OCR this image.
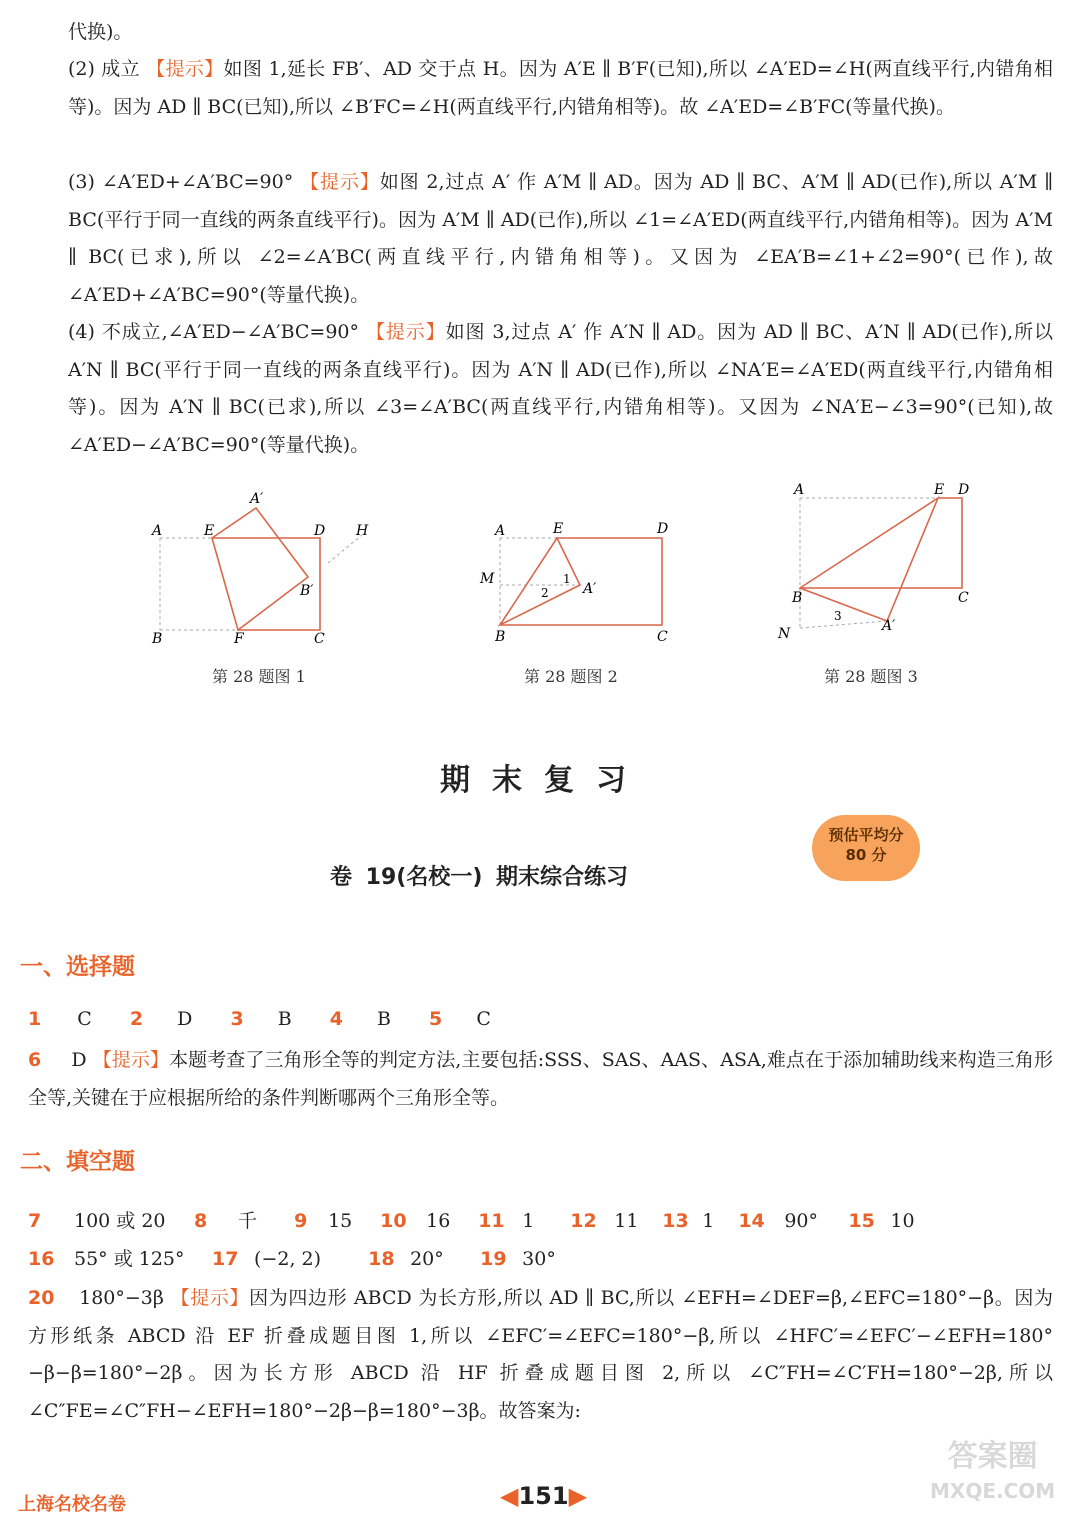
代换)。
(2) 成立 【提示】如图 1,延长 FB′、AD 交于点 H。因为 A′E ∥ B′F(已知),所以 ∠A′ED=∠H(两直线平行,内错角相等)。因为 AD ∥ BC(已知),所以 ∠B′FC=∠H(两直线平行,内错角相等)。故 ∠A′ED=∠B′FC(等量代换)。
(3) ∠A′ED+∠A′BC=90° 【提示】如图 2,过点 A′ 作 A′M ∥ AD。因为 AD ∥ BC、A′M ∥ AD(已作),所以 A′M ∥ BC(平行于同一直线的两条直线平行)。因为 A′M ∥ AD(已作),所以 ∠1=∠A′ED(两直线平行,内错角相等)。因为 A′M ∥ BC(已求),所以 ∠2=∠A′BC(两直线平行,内错角相等)。又因为 ∠EA′B=∠1+∠2=90°(已作),故 ∠A′ED+∠A′BC=90°(等量代换)。
(4) 不成立,∠A′ED−∠A′BC=90° 【提示】如图 3,过点 A′ 作 A′N ∥ AD。因为 AD ∥ BC、A′N ∥ AD(已作),所以 A′N ∥ BC(平行于同一直线的两条直线平行)。因为 A′N ∥ AD(已作),所以 ∠NA′E=∠A′ED(两直线平行,内错角相等)。因为 A′N ∥ BC(已求),所以 ∠3=∠A′BC(两直线平行,内错角相等)。又因为 ∠NA′E−∠3=90°(已知),故 ∠A′ED−∠A′BC=90°(等量代换)。
A	E	D H
A′
B′
B	F	C
第 28 题图 1
A	E	D
M	1
2 A′
B	C
第 28 题图 2
A	E D
B	C
3
A′
N
第 28 题图 3
期末复习
预估平均分
80 分
卷 19(名校一) 期末综合练习
一、选择题
1 C 2 D 3 B 4 B 5 C
6 D 【提示】本题考查了三角形全等的判定方法,主要包括:SSS、SAS、AAS、ASA,难点在于添加辅助线来构造三角形全等,关键在于应根据所给的条件判断哪两个三角形全等。
二、填空题
7 100 或 20 8 千 9 15 10 16 11 1 12 11 13 1 14 90° 15 10
16 55° 或 125° 17 (−2, 2) 18 20° 19 30°
20 180°−3β 【提示】因为四边形 ABCD 为长方形,所以 AD ∥ BC,所以 ∠EFH=∠DEF=β,∠EFC=180°−β。因为方形纸条 ABCD 沿 EF 折叠成题目图 1,所以 ∠EFC′=∠EFC=180°−β,所以 ∠HFC′=∠EFC′−∠EFH=180°−β−β=180°−2β。因为长方形 ABCD 沿 HF 折叠成题目图 2,所以 ∠C″FH=∠C′FH=180°−2β,所以 ∠C″FE=∠C″FH−∠EFH=180°−2β−β=180°−3β。故答案为:
上海名校名卷	◀151▶
答案圈
MXQE.COM
